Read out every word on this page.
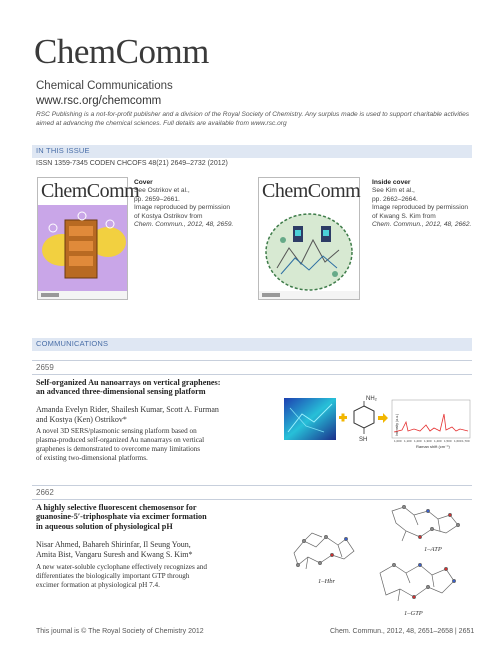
ChemComm
Chemical Communications
www.rsc.org/chemcomm
RSC Publishing is a not-for-profit publisher and a division of the Royal Society of Chemistry. Any surplus made is used to support charitable activities aimed at advancing the chemical sciences. Full details are available from www.rsc.org
IN THIS ISSUE
ISSN 1359-7345 CODEN CHCOFS 48(21) 2649–2732 (2012)
ChemComm
Cover
See Ostrikov et al.,
pp. 2659–2661.
Image reproduced by permission
of Kostya Ostrikov from
Chem. Commun., 2012, 48, 2659.
ChemComm Inside cover
See Kim et al.,
pp. 2662–2664.
Image reproduced by permission
of Kwang S. Kim from
Chem. Commun., 2012, 48, 2662.
COMMUNICATIONS
2659
Self-organized Au nanoarrays on vertical graphenes:
an advanced three-dimensional sensing platform
Amanda Evelyn Rider, Shailesh Kumar, Scott A. Furman
and Kostya (Ken) Ostrikov*
A novel 3D SERS/plasmonic sensing platform based on
plasma-produced self-organized Au nanoarrays on vertical
graphenes is demonstrated to overcome many limitations
of existing two-dimensional platforms.
NH₂
SH
Intensity (a.u.)
1,000 1,100 1,200 1,300 1,400 1,500 1,600 1,700
Raman shift (cm⁻¹)
2662
A highly selective fluorescent chemosensor for
guanosine-5′-triphosphate via excimer formation
in aqueous solution of physiological pH
Nisar Ahmed, Bahareh Shirinfar, Il Seung Youn,
Amita Bist, Vangaru Suresh and Kwang S. Kim*
A new water-soluble cyclophane effectively recognizes and
differentiates the biologically important GTP through
excimer formation at physiological pH 7.4.
1–ATP
1–Hbr
1–GTP
This journal is © The Royal Society of Chemistry 2012	Chem. Commun., 2012, 48, 2651–2658 | 2651
